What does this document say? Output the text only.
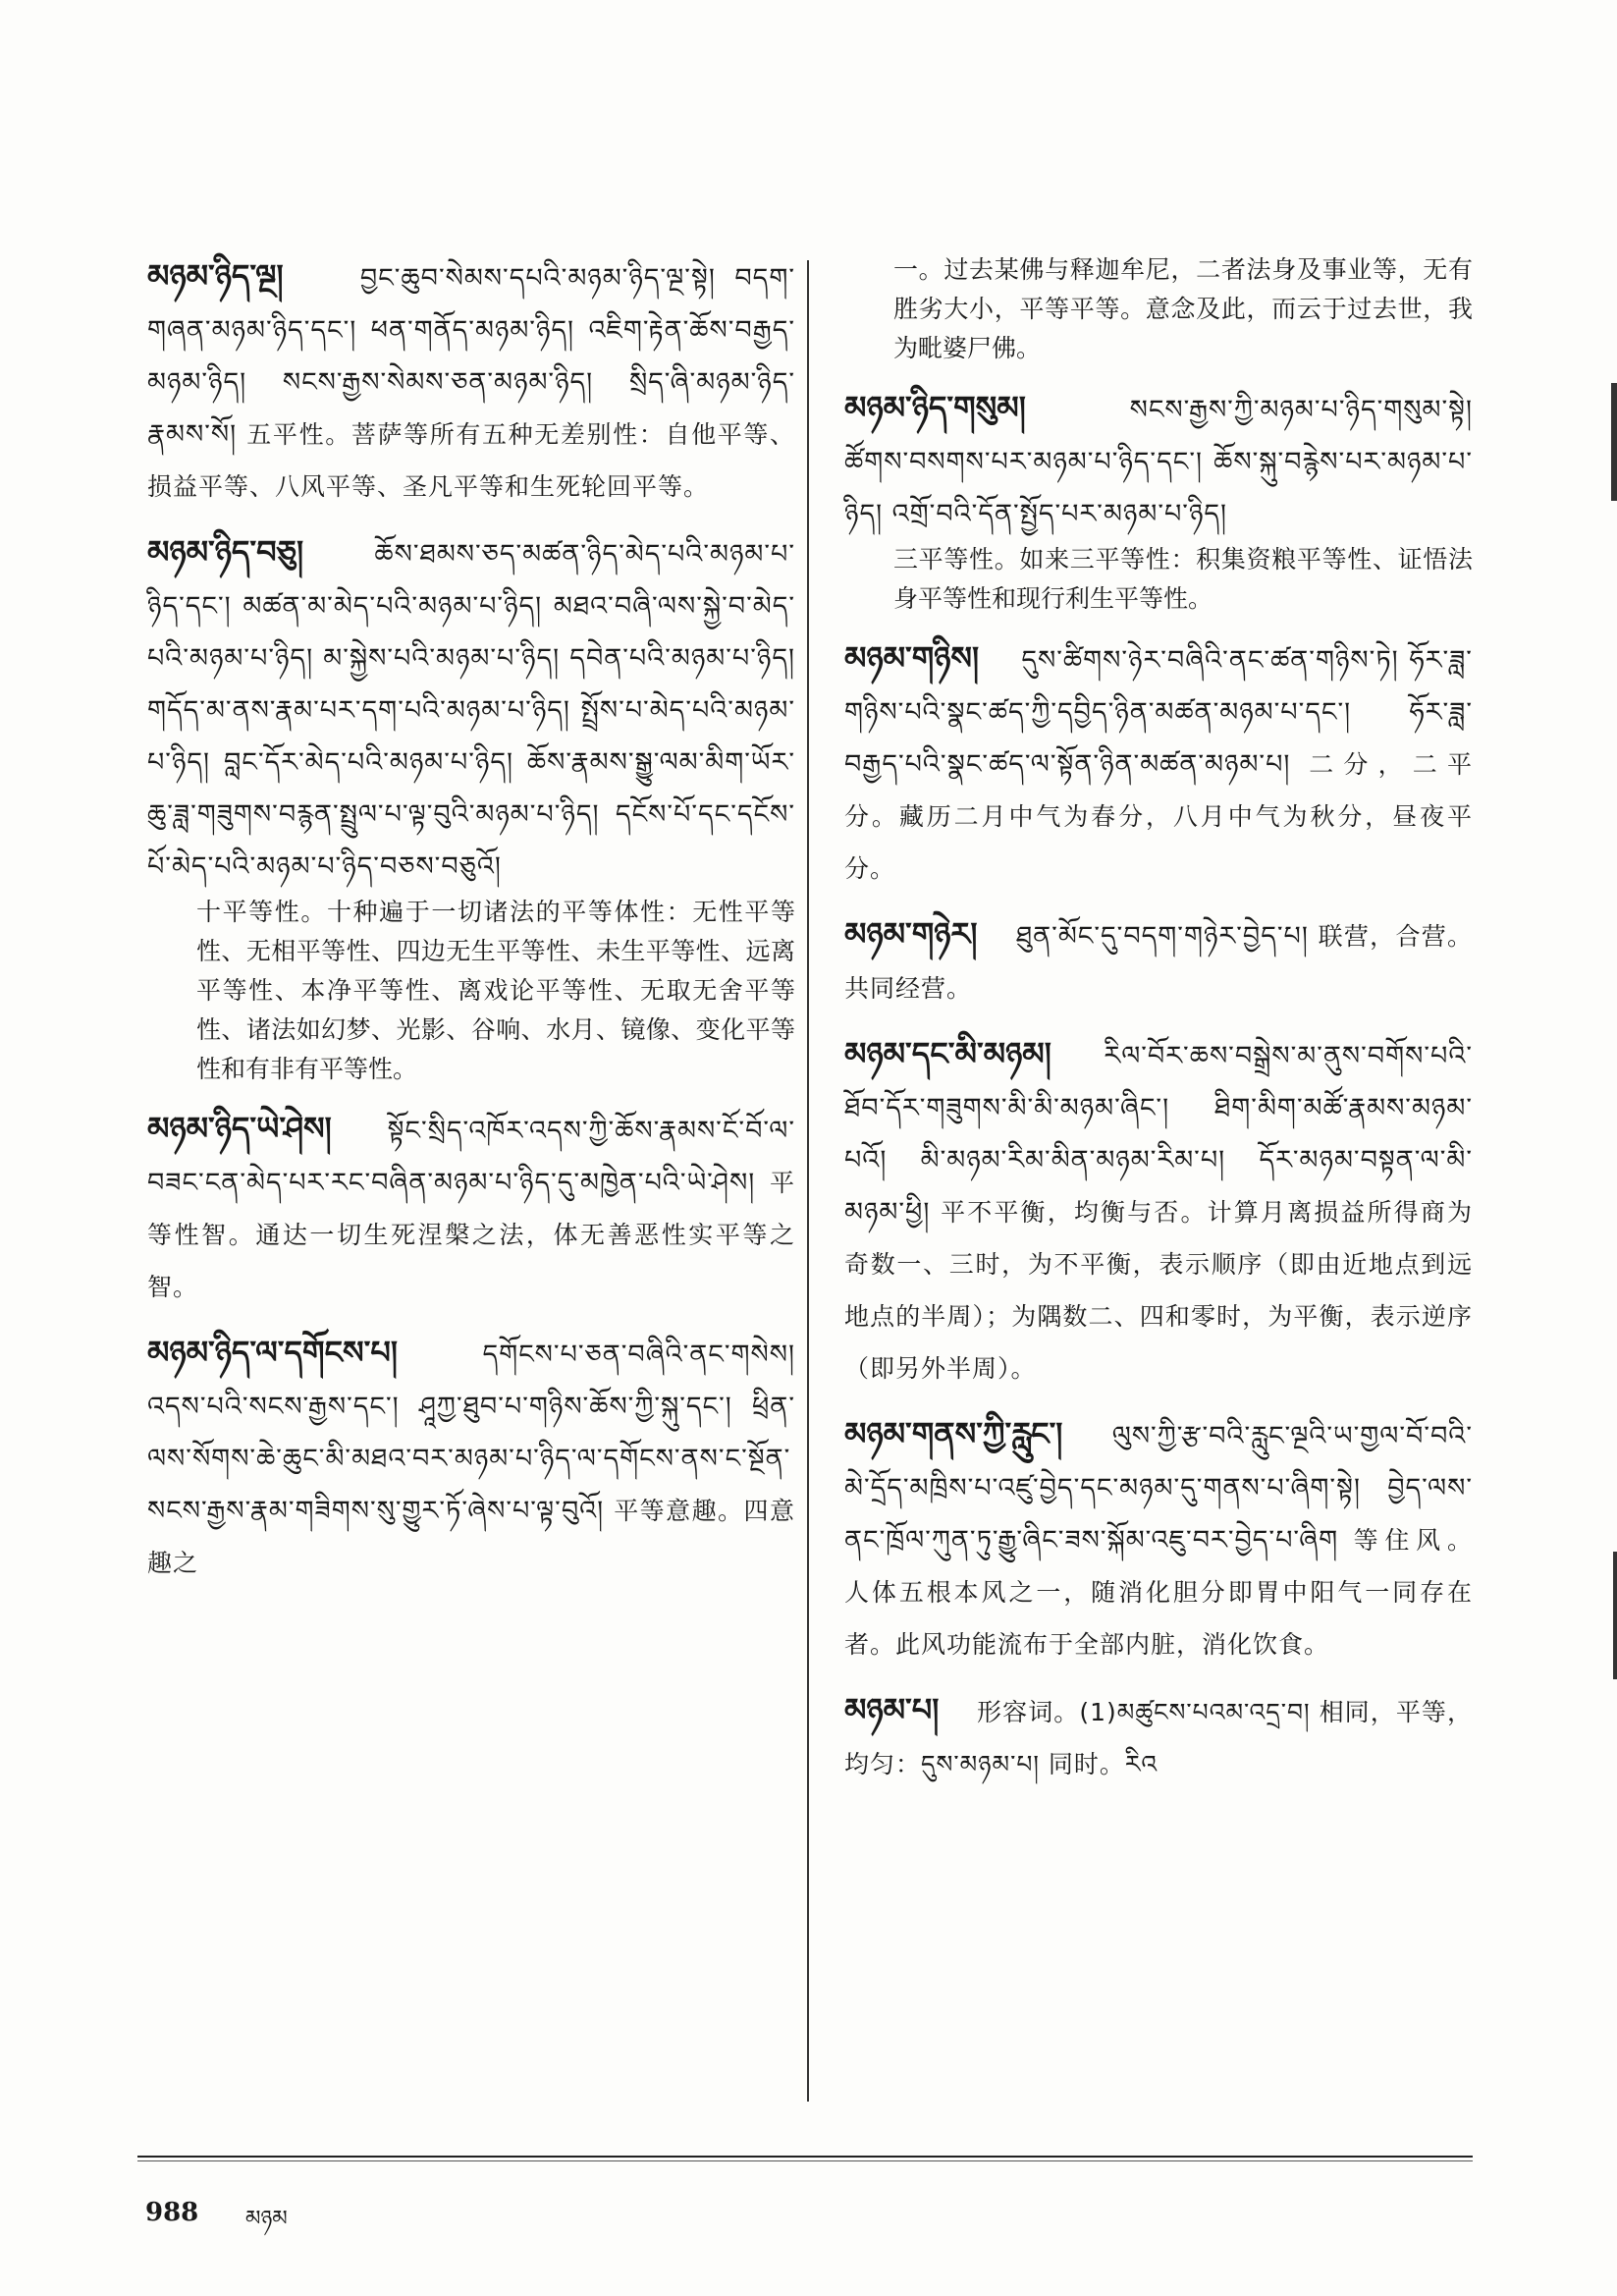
མཉམ་ཉིད་ལྔ།	བྱང་ཆུབ་སེམས་དཔའི་མཉམ་ཉིད་ལྔ་སྟེ། བདག་གཞན་མཉམ་ཉིད་དང་། ཕན་གནོད་མཉམ་ཉིད། འཇིག་རྟེན་ཆོས་བརྒྱད་མཉམ་ཉིད། སངས་རྒྱས་སེམས་ཅན་མཉམ་ཉིད། སྲིད་ཞི་མཉམ་ཉིད་རྣམས་སོ། 五平性。菩萨等所有五种无差别性：自他平等、损益平等、八风平等、圣凡平等和生死轮回平等。
མཉམ་ཉིད་བཅུ།	ཆོས་ཐམས་ཅད་མཚན་ཉིད་མེད་པའི་མཉམ་པ་ཉིད་དང་། མཚན་མ་མེད་པའི་མཉམ་པ་ཉིད། མཐའ་བཞི་ལས་སྐྱེ་བ་མེད་པའི་མཉམ་པ་ཉིད། མ་སྐྱེས་པའི་མཉམ་པ་ཉིད། དབེན་པའི་མཉམ་པ་ཉིད། གདོད་མ་ནས་རྣམ་པར་དག་པའི་མཉམ་པ་ཉིད། སྤྲོས་པ་མེད་པའི་མཉམ་པ་ཉིད། བླང་དོར་མེད་པའི་མཉམ་པ་ཉིད། ཆོས་རྣམས་སྒྱུ་ལམ་མིག་ཡོར་ཆུ་ཟླ་གཟུགས་བརྙན་སྤྲུལ་པ་ལྟ་བུའི་མཉམ་པ་ཉིད། དངོས་པོ་དང་དངོས་པོ་མེད་པའི་མཉམ་པ་ཉིད་བཅས་བཅུའོ།
十平等性。十种遍于一切诸法的平等体性：无性平等性、无相平等性、四边无生平等性、未生平等性、远离平等性、本净平等性、离戏论平等性、无取无舍平等性、诸法如幻梦、光影、谷响、水月、镜像、变化平等性和有非有平等性。
མཉམ་ཉིད་ཡེ་ཤེས། སྟོང་སྲིད་འཁོར་འདས་ཀྱི་ཆོས་རྣམས་ངོ་བོ་ལ་བཟང་ངན་མེད་པར་རང་བཞིན་མཉམ་པ་ཉིད་དུ་མཁྱེན་པའི་ཡེ་ཤེས། 平等性智。通达一切生死涅槃之法，体无善恶性实平等之智。
མཉམ་ཉིད་ལ་དགོངས་པ།	དགོངས་པ་ཅན་བཞིའི་ནང་གསེས། འདས་པའི་སངས་རྒྱས་དང་། ཤཱཀྱ་ཐུབ་པ་གཉིས་ཆོས་ཀྱི་སྐུ་དང་། ཕྲིན་ལས་སོགས་ཆེ་ཆུང་མི་མཐའ་བར་མཉམ་པ་ཉིད་ལ་དགོངས་ནས་ང་སྔོན་སངས་རྒྱས་རྣམ་གཟིགས་སུ་གྱུར་ཏོ་ཞེས་པ་ལྟ་བུའོ། 平等意趣。四意趣之
一。过去某佛与释迦牟尼，二者法身及事业等，无有胜劣大小，平等平等。意念及此，而云于过去世，我为毗婆尸佛。
མཉམ་ཉིད་གསུམ།	སངས་རྒྱས་ཀྱི་མཉམ་པ་ཉིད་གསུམ་སྟེ། ཚོགས་བསགས་པར་མཉམ་པ་ཉིད་དང་། ཆོས་སྐུ་བརྙེས་པར་མཉམ་པ་ཉིད། འགྲོ་བའི་དོན་སྤྱོད་པར་མཉམ་པ་ཉིད།
三平等性。如来三平等性：积集资粮平等性、证悟法身平等性和现行利生平等性。
མཉམ་གཉིས། དུས་ཚིགས་ཉེར་བཞིའི་ནང་ཚན་གཉིས་ཏེ། ཧོར་ཟླ་གཉིས་པའི་སྣང་ཚད་ཀྱི་དབྱིད་ཉིན་མཚན་མཉམ་པ་དང་། ཧོར་ཟླ་བརྒྱད་པའི་སྣང་ཚད་ལ་སྟོན་ཉིན་མཚན་མཉམ་པ། 二分，二平分。藏历二月中气为春分，八月中气为秋分，昼夜平分。
མཉམ་གཉེར། ཐུན་མོང་དུ་བདག་གཉེར་བྱེད་པ། 联营，合营。共同经营。
མཉམ་དང་མི་མཉམ། རིལ་བོར་ཆས་བསྒྲེས་མ་ནུས་བགོས་པའི་ཐོབ་དོར་གཟུགས་མི་མི་མཉམ་ཞིང་། ཐིག་མིག་མཚོ་རྣམས་མཉམ་པའོ། མི་མཉམ་རིམ་མིན་མཉམ་རིམ་པ། དོར་མཉམ་བསྟན་ལ་མི་མཉམ་ཕྱི། 平不平衡，均衡与否。计算月离损益所得商为奇数一、三时，为不平衡，表示顺序（即由近地点到远地点的半周）；为隅数二、四和零时，为平衡，表示逆序（即另外半周）。
མཉམ་གནས་ཀྱི་རླུང་། ལུས་ཀྱི་རྩ་བའི་རླུང་ལྔའི་ཡ་གྱལ་བོ་བའི་མེ་དྲོད་མཁྲིས་པ་འཛུ་བྱེད་དང་མཉམ་དུ་གནས་པ་ཞིག་སྟེ། བྱེད་ལས་ནང་ཁྲོལ་ཀུན་ཏུ་རྒྱུ་ཞིང་ཟས་སྐོམ་འཇུ་བར་བྱེད་པ་ཞིག 等住风。人体五根本风之一，随消化胆分即胃中阳气一同存在者。此风功能流布于全部内脏，消化饮食。
མཉམ་པ། 形容词。(1)མཚུངས་པའམ་འདྲ་བ། 相同，平等，均匀：དུས་མཉམ་པ། 同时。རིའ
988 མཉམ
